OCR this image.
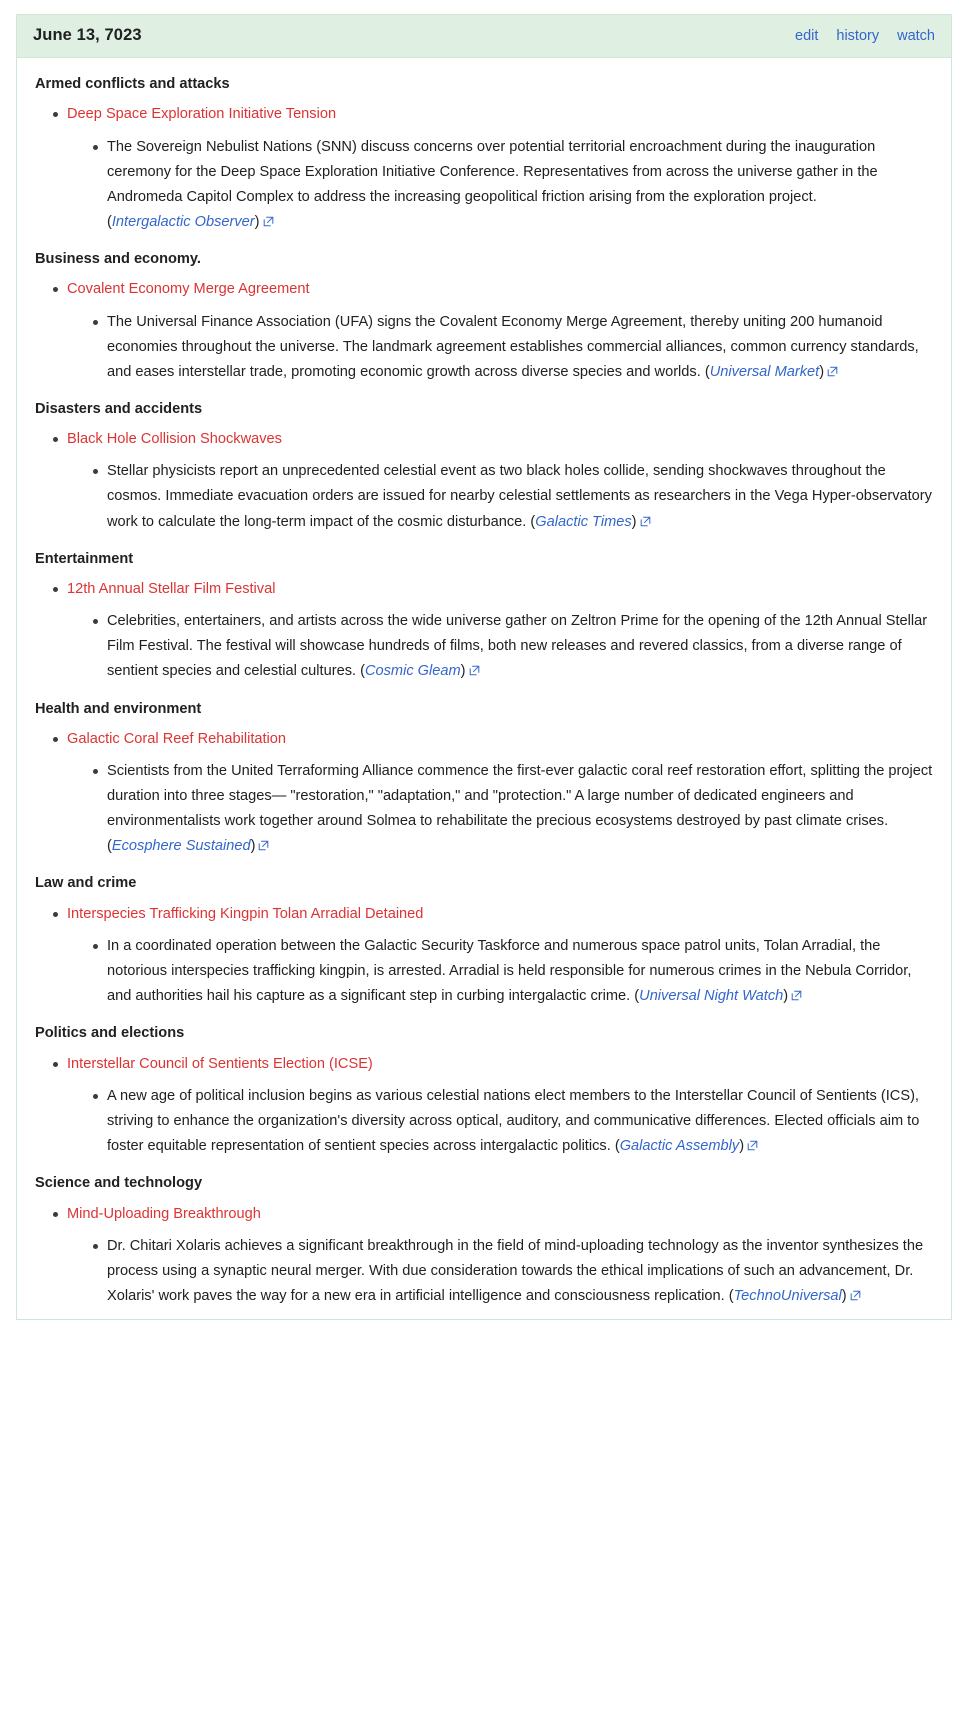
June 13, 7023	edit history watch
Armed conflicts and attacks
Deep Space Exploration Initiative Tension
The Sovereign Nebulist Nations (SNN) discuss concerns over potential territorial encroachment during the inauguration ceremony for the Deep Space Exploration Initiative Conference. Representatives from across the universe gather in the Andromeda Capitol Complex to address the increasing geopolitical friction arising from the exploration project. (Intergalactic Observer)
Business and economy.
Covalent Economy Merge Agreement
The Universal Finance Association (UFA) signs the Covalent Economy Merge Agreement, thereby uniting 200 humanoid economies throughout the universe. The landmark agreement establishes commercial alliances, common currency standards, and eases interstellar trade, promoting economic growth across diverse species and worlds. (Universal Market)
Disasters and accidents
Black Hole Collision Shockwaves
Stellar physicists report an unprecedented celestial event as two black holes collide, sending shockwaves throughout the cosmos. Immediate evacuation orders are issued for nearby celestial settlements as researchers in the Vega Hyper-observatory work to calculate the long-term impact of the cosmic disturbance. (Galactic Times)
Entertainment
12th Annual Stellar Film Festival
Celebrities, entertainers, and artists across the wide universe gather on Zeltron Prime for the opening of the 12th Annual Stellar Film Festival. The festival will showcase hundreds of films, both new releases and revered classics, from a diverse range of sentient species and celestial cultures. (Cosmic Gleam)
Health and environment
Galactic Coral Reef Rehabilitation
Scientists from the United Terraforming Alliance commence the first-ever galactic coral reef restoration effort, splitting the project duration into three stages— "restoration," "adaptation," and "protection." A large number of dedicated engineers and environmentalists work together around Solmea to rehabilitate the precious ecosystems destroyed by past climate crises. (Ecosphere Sustained)
Law and crime
Interspecies Trafficking Kingpin Tolan Arradial Detained
In a coordinated operation between the Galactic Security Taskforce and numerous space patrol units, Tolan Arradial, the notorious interspecies trafficking kingpin, is arrested. Arradial is held responsible for numerous crimes in the Nebula Corridor, and authorities hail his capture as a significant step in curbing intergalactic crime. (Universal Night Watch)
Politics and elections
Interstellar Council of Sentients Election (ICSE)
A new age of political inclusion begins as various celestial nations elect members to the Interstellar Council of Sentients (ICS), striving to enhance the organization's diversity across optical, auditory, and communicative differences. Elected officials aim to foster equitable representation of sentient species across intergalactic politics. (Galactic Assembly)
Science and technology
Mind-Uploading Breakthrough
Dr. Chitari Xolaris achieves a significant breakthrough in the field of mind-uploading technology as the inventor synthesizes the process using a synaptic neural merger. With due consideration towards the ethical implications of such an advancement, Dr. Xolaris' work paves the way for a new era in artificial intelligence and consciousness replication. (TechnoUniversal)
